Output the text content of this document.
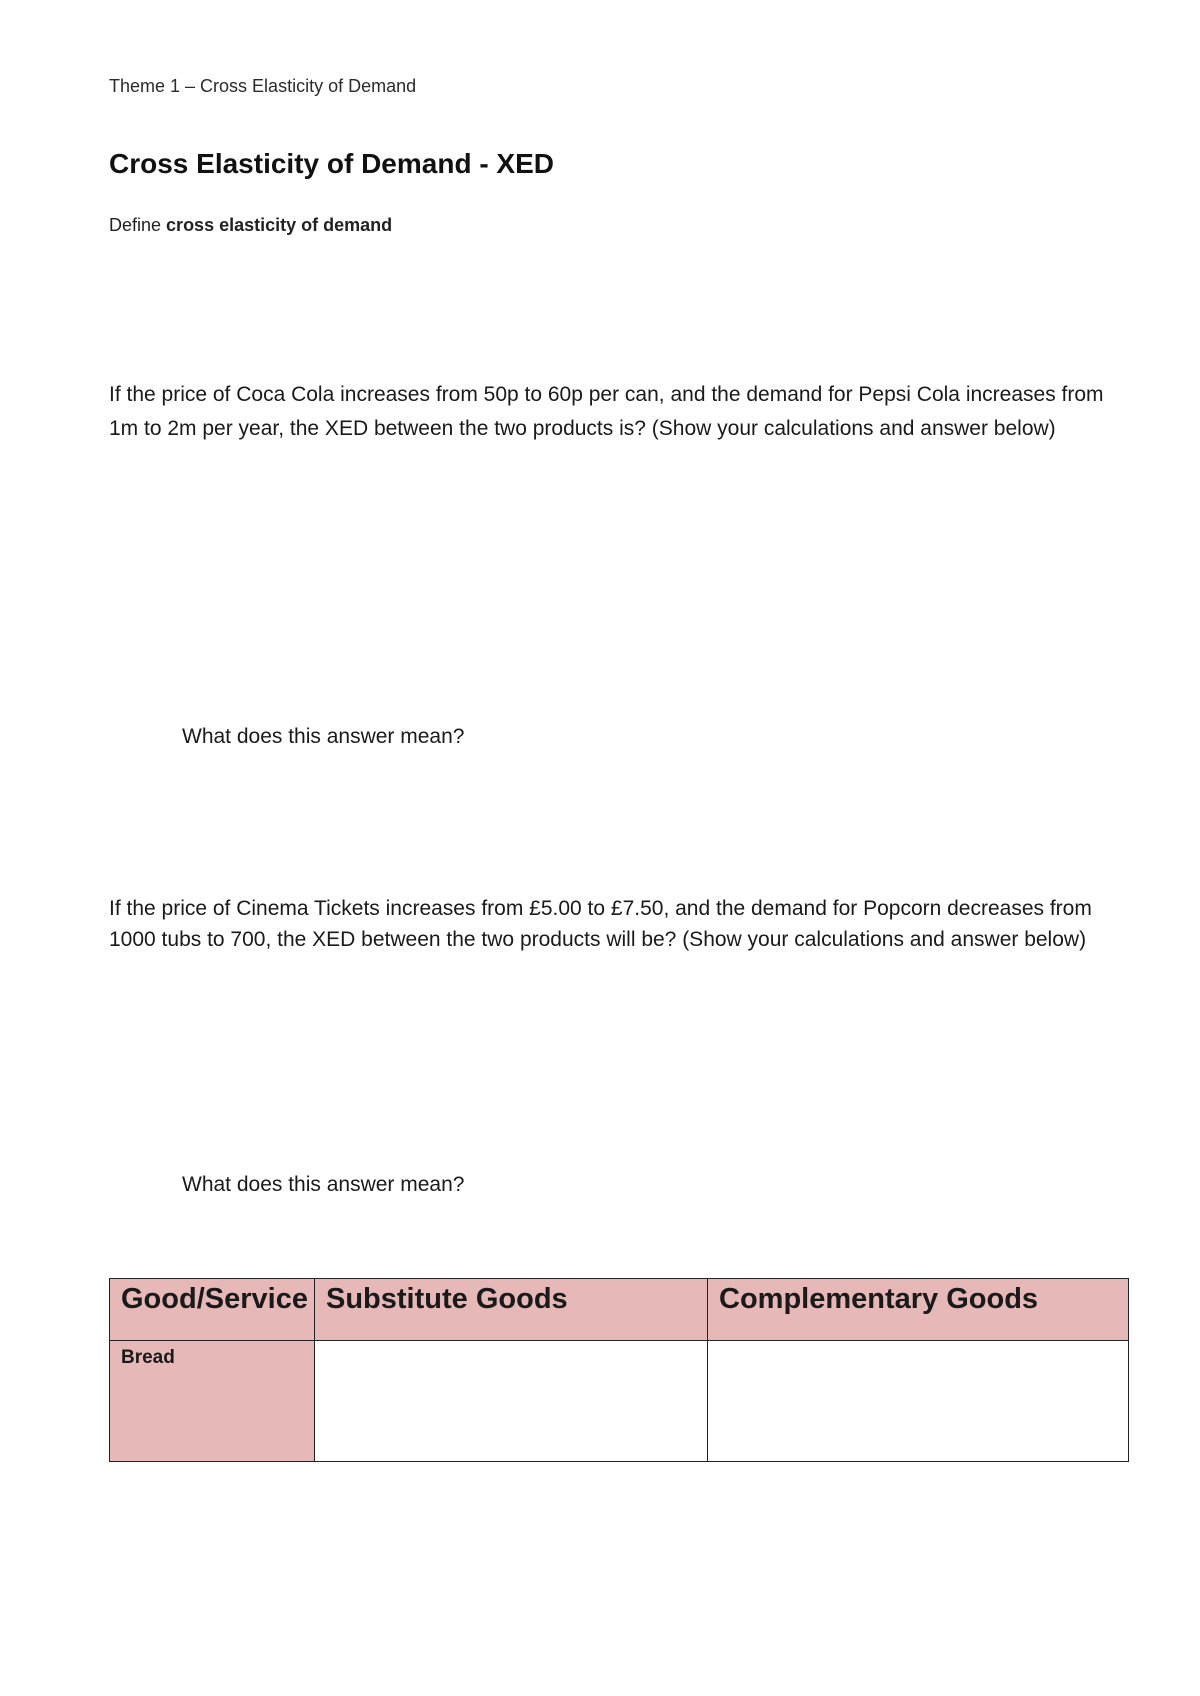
Theme 1 – Cross Elasticity of Demand

Cross Elasticity of Demand - XED

Define cross elasticity of demand

If the price of Coca Cola increases from 50p to 60p per can, and the demand for Pepsi Cola increases from 1m to 2m per year, the XED between the two products is? (Show your calculations and answer below)

What does this answer mean?

If the price of Cinema Tickets increases from £5.00 to £7.50, and the demand for Popcorn decreases from 1000 tubs to 700, the XED between the two products will be? (Show your calculations and answer below)

What does this answer mean?

Good/Service	Substitute Goods	Complementary Goods
Bread		
